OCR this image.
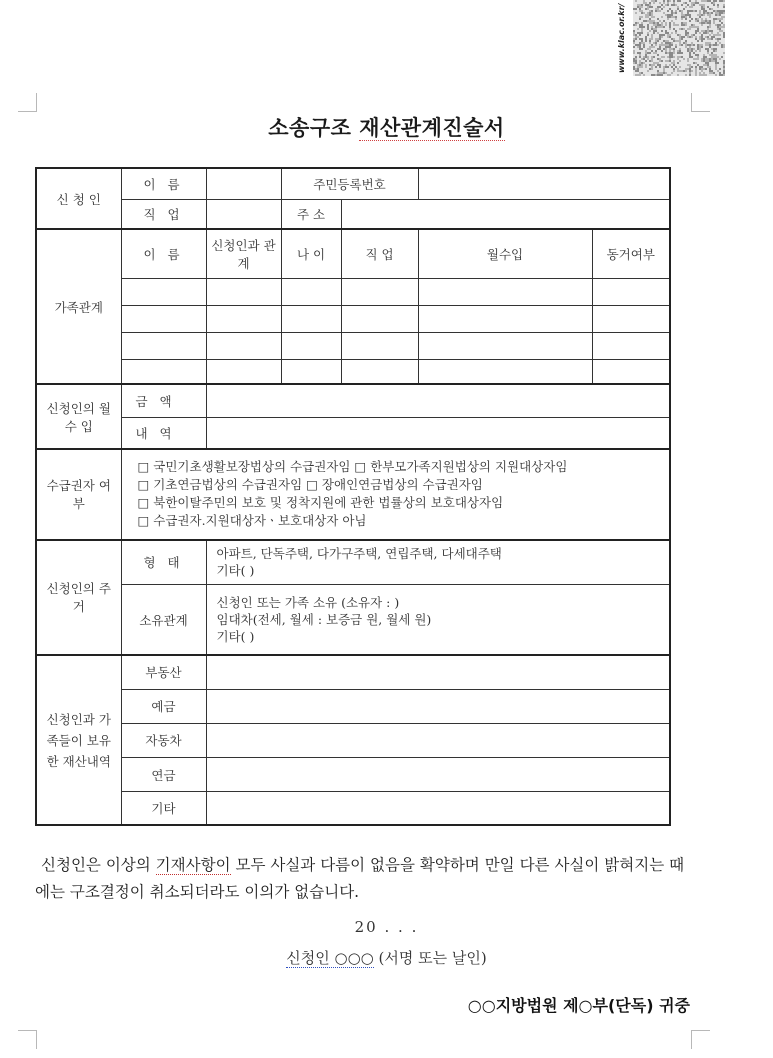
www.klac.or.kr/
소송구조 재산관계진술서
신 청 인	이 름		주민등록번호			
	직 업		주 소			
가족관계	이 름	신청인과 관계	나 이	직 업	월수입	동거여부

신청인의 월 수 입	금 액					
	내 역					
수급권자 여 부	□ 국민기초생활보장법상의 수급권자임 □ 한부모가족지원법상의 지원대상자임
□ 기초연금법상의 수급권자임 □ 장애인연금법상의 수급권자임
□ 북한이탈주민의 보호 및 정착지원에 관한 법률상의 보호대상자임
□ 수급권자.지원대상자ㆍ보호대상자 아님					

신청인의 주 거	형 태	아파트, 단독주택, 다가구주택, 연립주택, 다세대주택
기타( )				

	소유관계	신청인 또는 가족 소유 (소유자 : )
임대차(전세, 월세 : 보증금 원, 월세 원)
기타( )				

신청인과 가족들이 보유한 재산내역	부동산					
	예금					
	자동차					
	연금					
	기타					

신청인은 이상의 기재사항이 모두 사실과 다름이 없음을 확약하며 만일 다른 사실이 밝혀지는 때에는 구조결정이 취소되더라도 이의가 없습니다.

20 . . .
신청인 ○○○ (서명 또는 날인)
○○지방법원 제○부(단독) 귀중
